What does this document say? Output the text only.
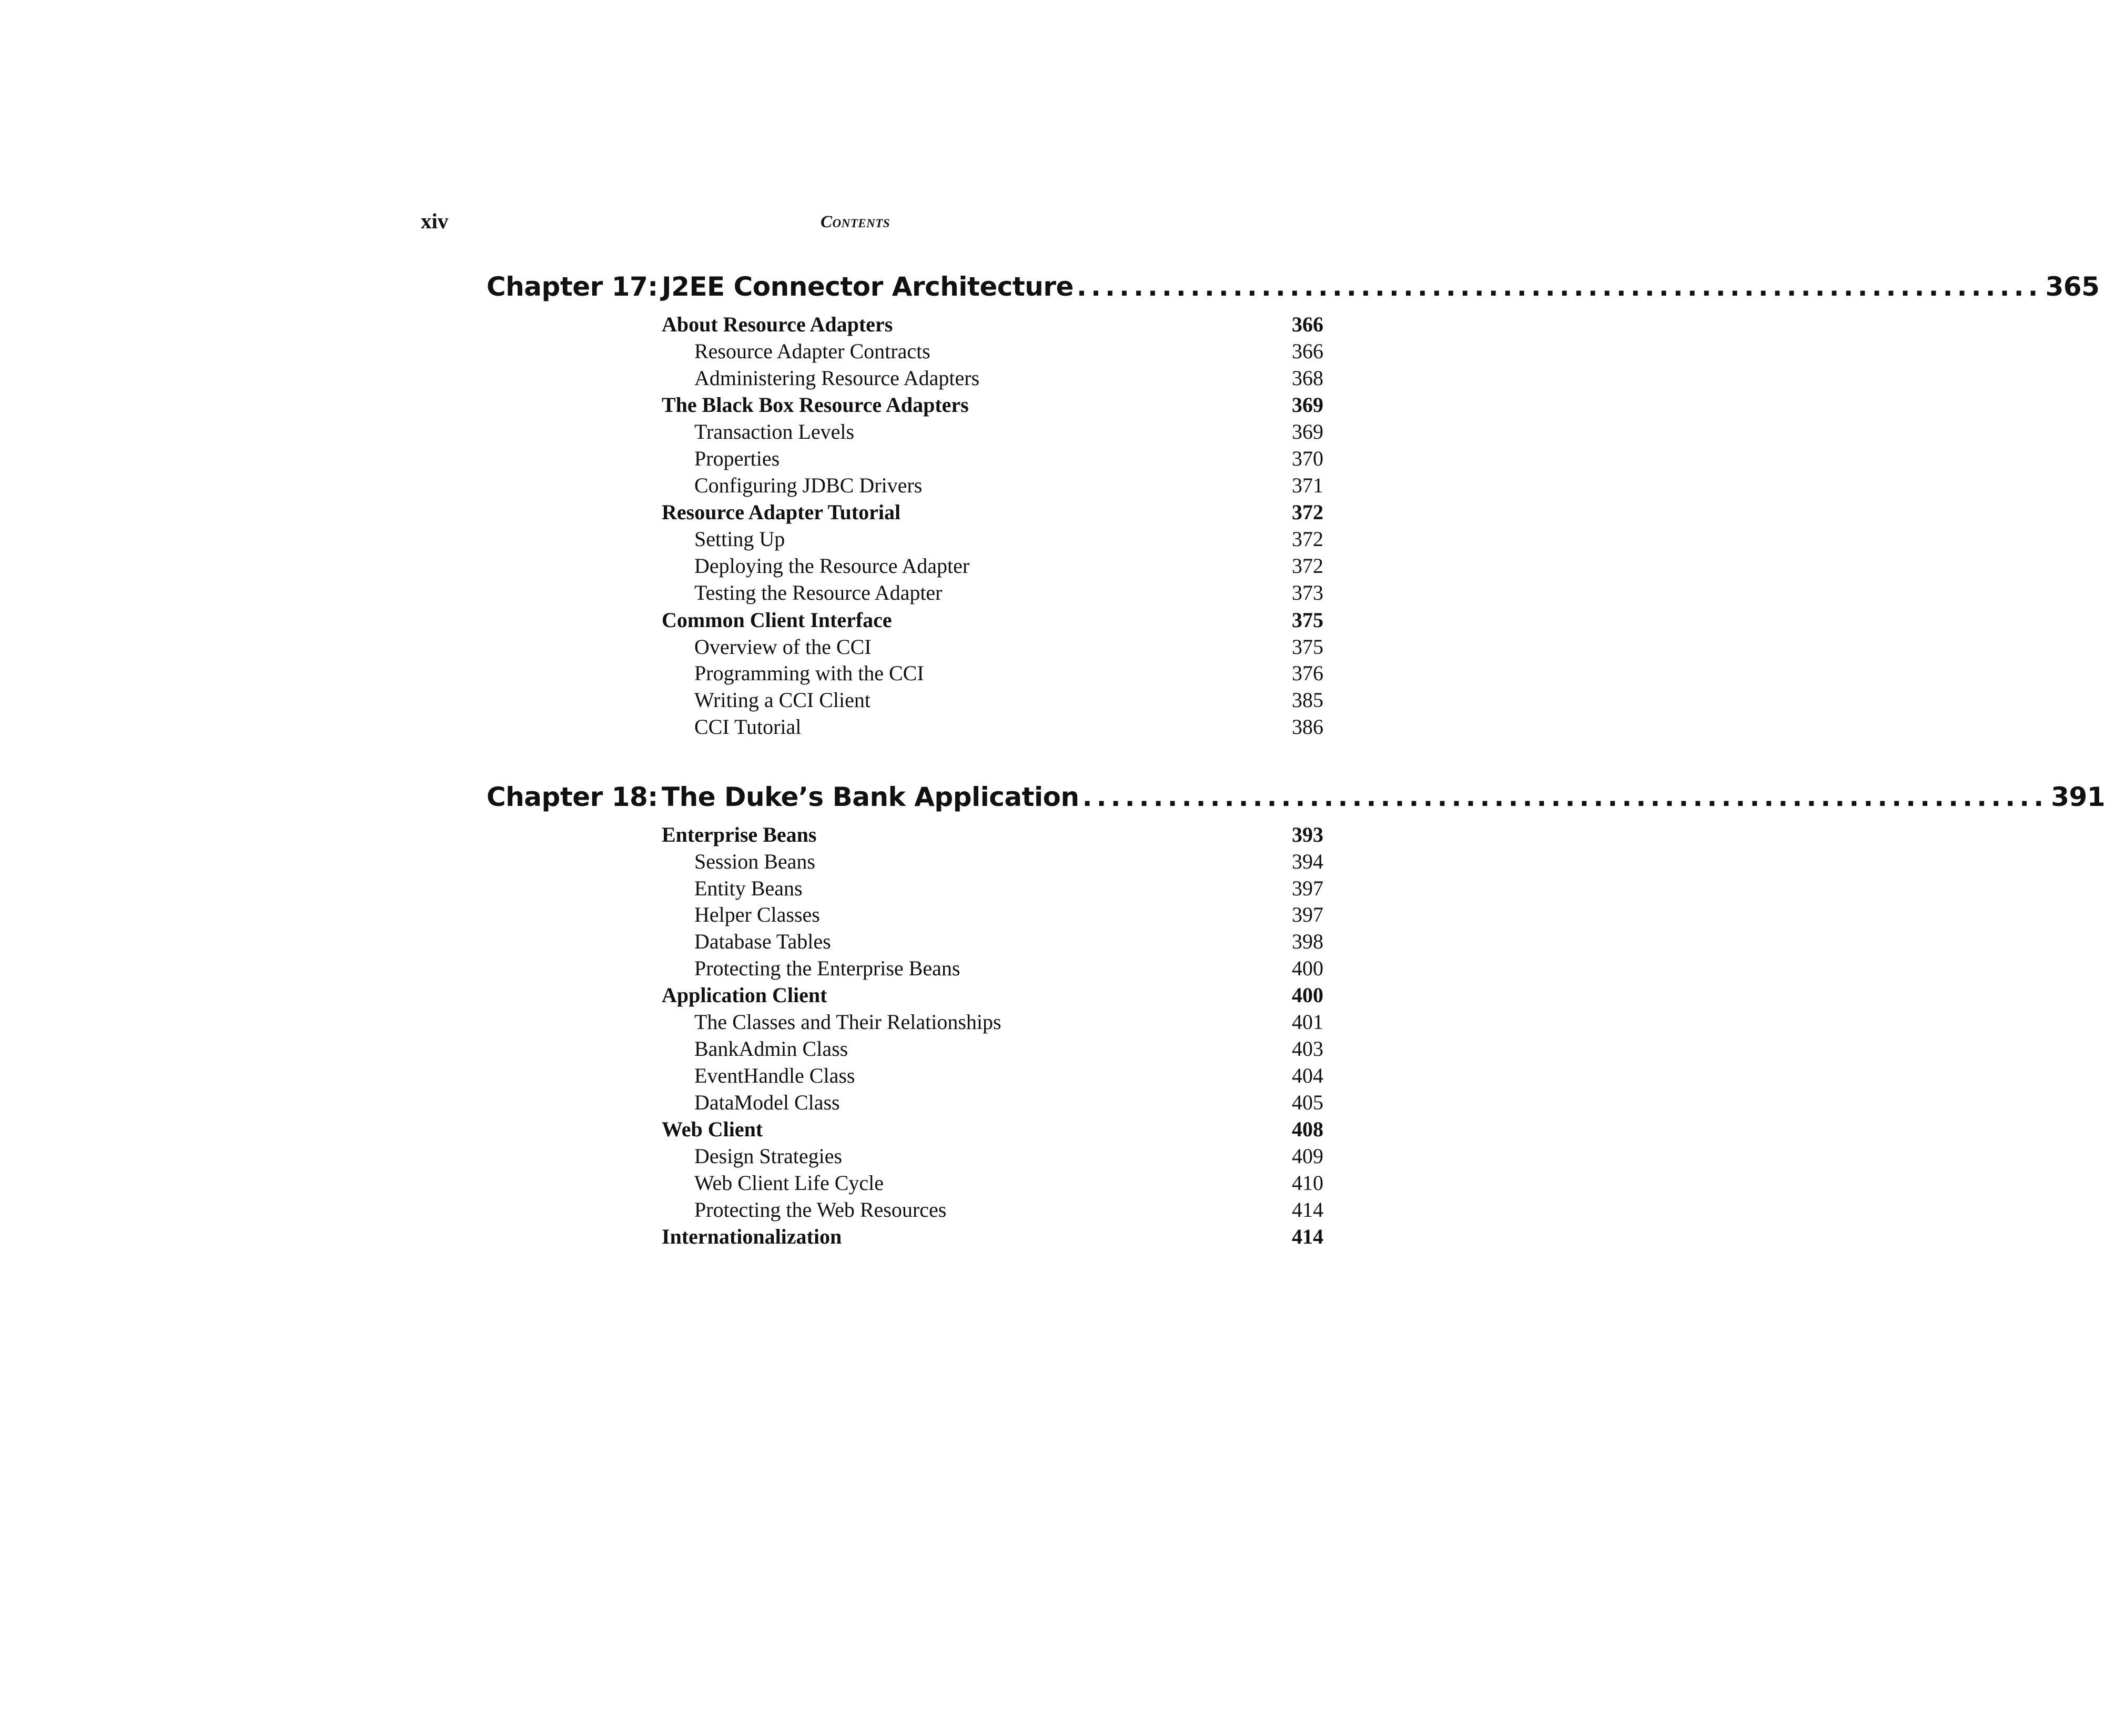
xiv	Contents
Chapter 17: J2EE Connector Architecture .................................................................... 365
About Resource Adapters	366
Resource Adapter Contracts	366
Administering Resource Adapters	368
The Black Box Resource Adapters	369
Transaction Levels	369
Properties	370
Configuring JDBC Drivers	371
Resource Adapter Tutorial	372
Setting Up	372
Deploying the Resource Adapter	372
Testing the Resource Adapter	373
Common Client Interface	375
Overview of the CCI	375
Programming with the CCI	376
Writing a CCI Client	385
CCI Tutorial	386
Chapter 18: The Duke’s Bank Application .................................................................... 391
Enterprise Beans	393
Session Beans	394
Entity Beans	397
Helper Classes	397
Database Tables	398
Protecting the Enterprise Beans	400
Application Client	400
The Classes and Their Relationships	401
BankAdmin Class	403
EventHandle Class	404
DataModel Class	405
Web Client	408
Design Strategies	409
Web Client Life Cycle	410
Protecting the Web Resources	414
Internationalization	414
